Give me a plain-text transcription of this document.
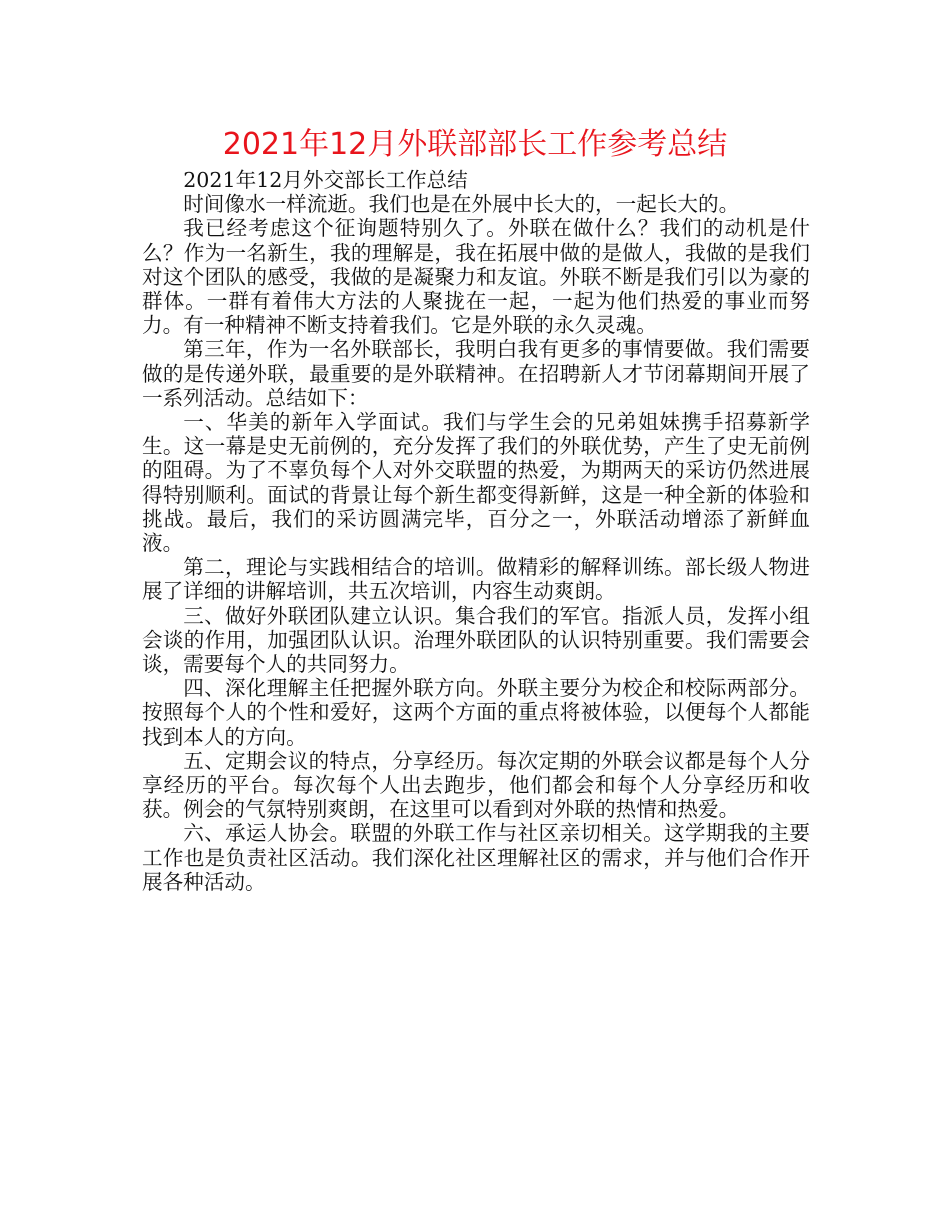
2021年12月外联部部长工作参考总结

2021年12月外交部长工作总结

时间像水一样流逝。我们也是在外展中长大的，一起长大的。

我已经考虑这个征询题特别久了。外联在做什么？我们的动机是什么？作为一名新生，我的理解是，我在拓展中做的是做人，我做的是我们对这个团队的感受，我做的是凝聚力和友谊。外联不断是我们引以为豪的群体。一群有着伟大方法的人聚拢在一起，一起为他们热爱的事业而努力。有一种精神不断支持着我们。它是外联的永久灵魂。

第三年，作为一名外联部长，我明白我有更多的事情要做。我们需要做的是传递外联，最重要的是外联精神。在招聘新人才节闭幕期间开展了一系列活动。总结如下：

一、华美的新年入学面试。我们与学生会的兄弟姐妹携手招募新学生。这一幕是史无前例的，充分发挥了我们的外联优势，产生了史无前例的阻碍。为了不辜负每个人对外交联盟的热爱，为期两天的采访仍然进展得特别顺利。面试的背景让每个新生都变得新鲜，这是一种全新的体验和挑战。最后，我们的采访圆满完毕，百分之一，外联活动增添了新鲜血液。

第二，理论与实践相结合的培训。做精彩的解释训练。部长级人物进展了详细的讲解培训，共五次培训，内容生动爽朗。

三、做好外联团队建立认识。集合我们的军官。指派人员，发挥小组会谈的作用，加强团队认识。治理外联团队的认识特别重要。我们需要会谈，需要每个人的共同努力。

四、深化理解主任把握外联方向。外联主要分为校企和校际两部分。按照每个人的个性和爱好，这两个方面的重点将被体验，以便每个人都能找到本人的方向。

五、定期会议的特点，分享经历。每次定期的外联会议都是每个人分享经历的平台。每次每个人出去跑步，他们都会和每个人分享经历和收获。例会的气氛特别爽朗，在这里可以看到对外联的热情和热爱。

六、承运人协会。联盟的外联工作与社区亲切相关。这学期我的主要工作也是负责社区活动。我们深化社区理解社区的需求，并与他们合作开展各种活动。
